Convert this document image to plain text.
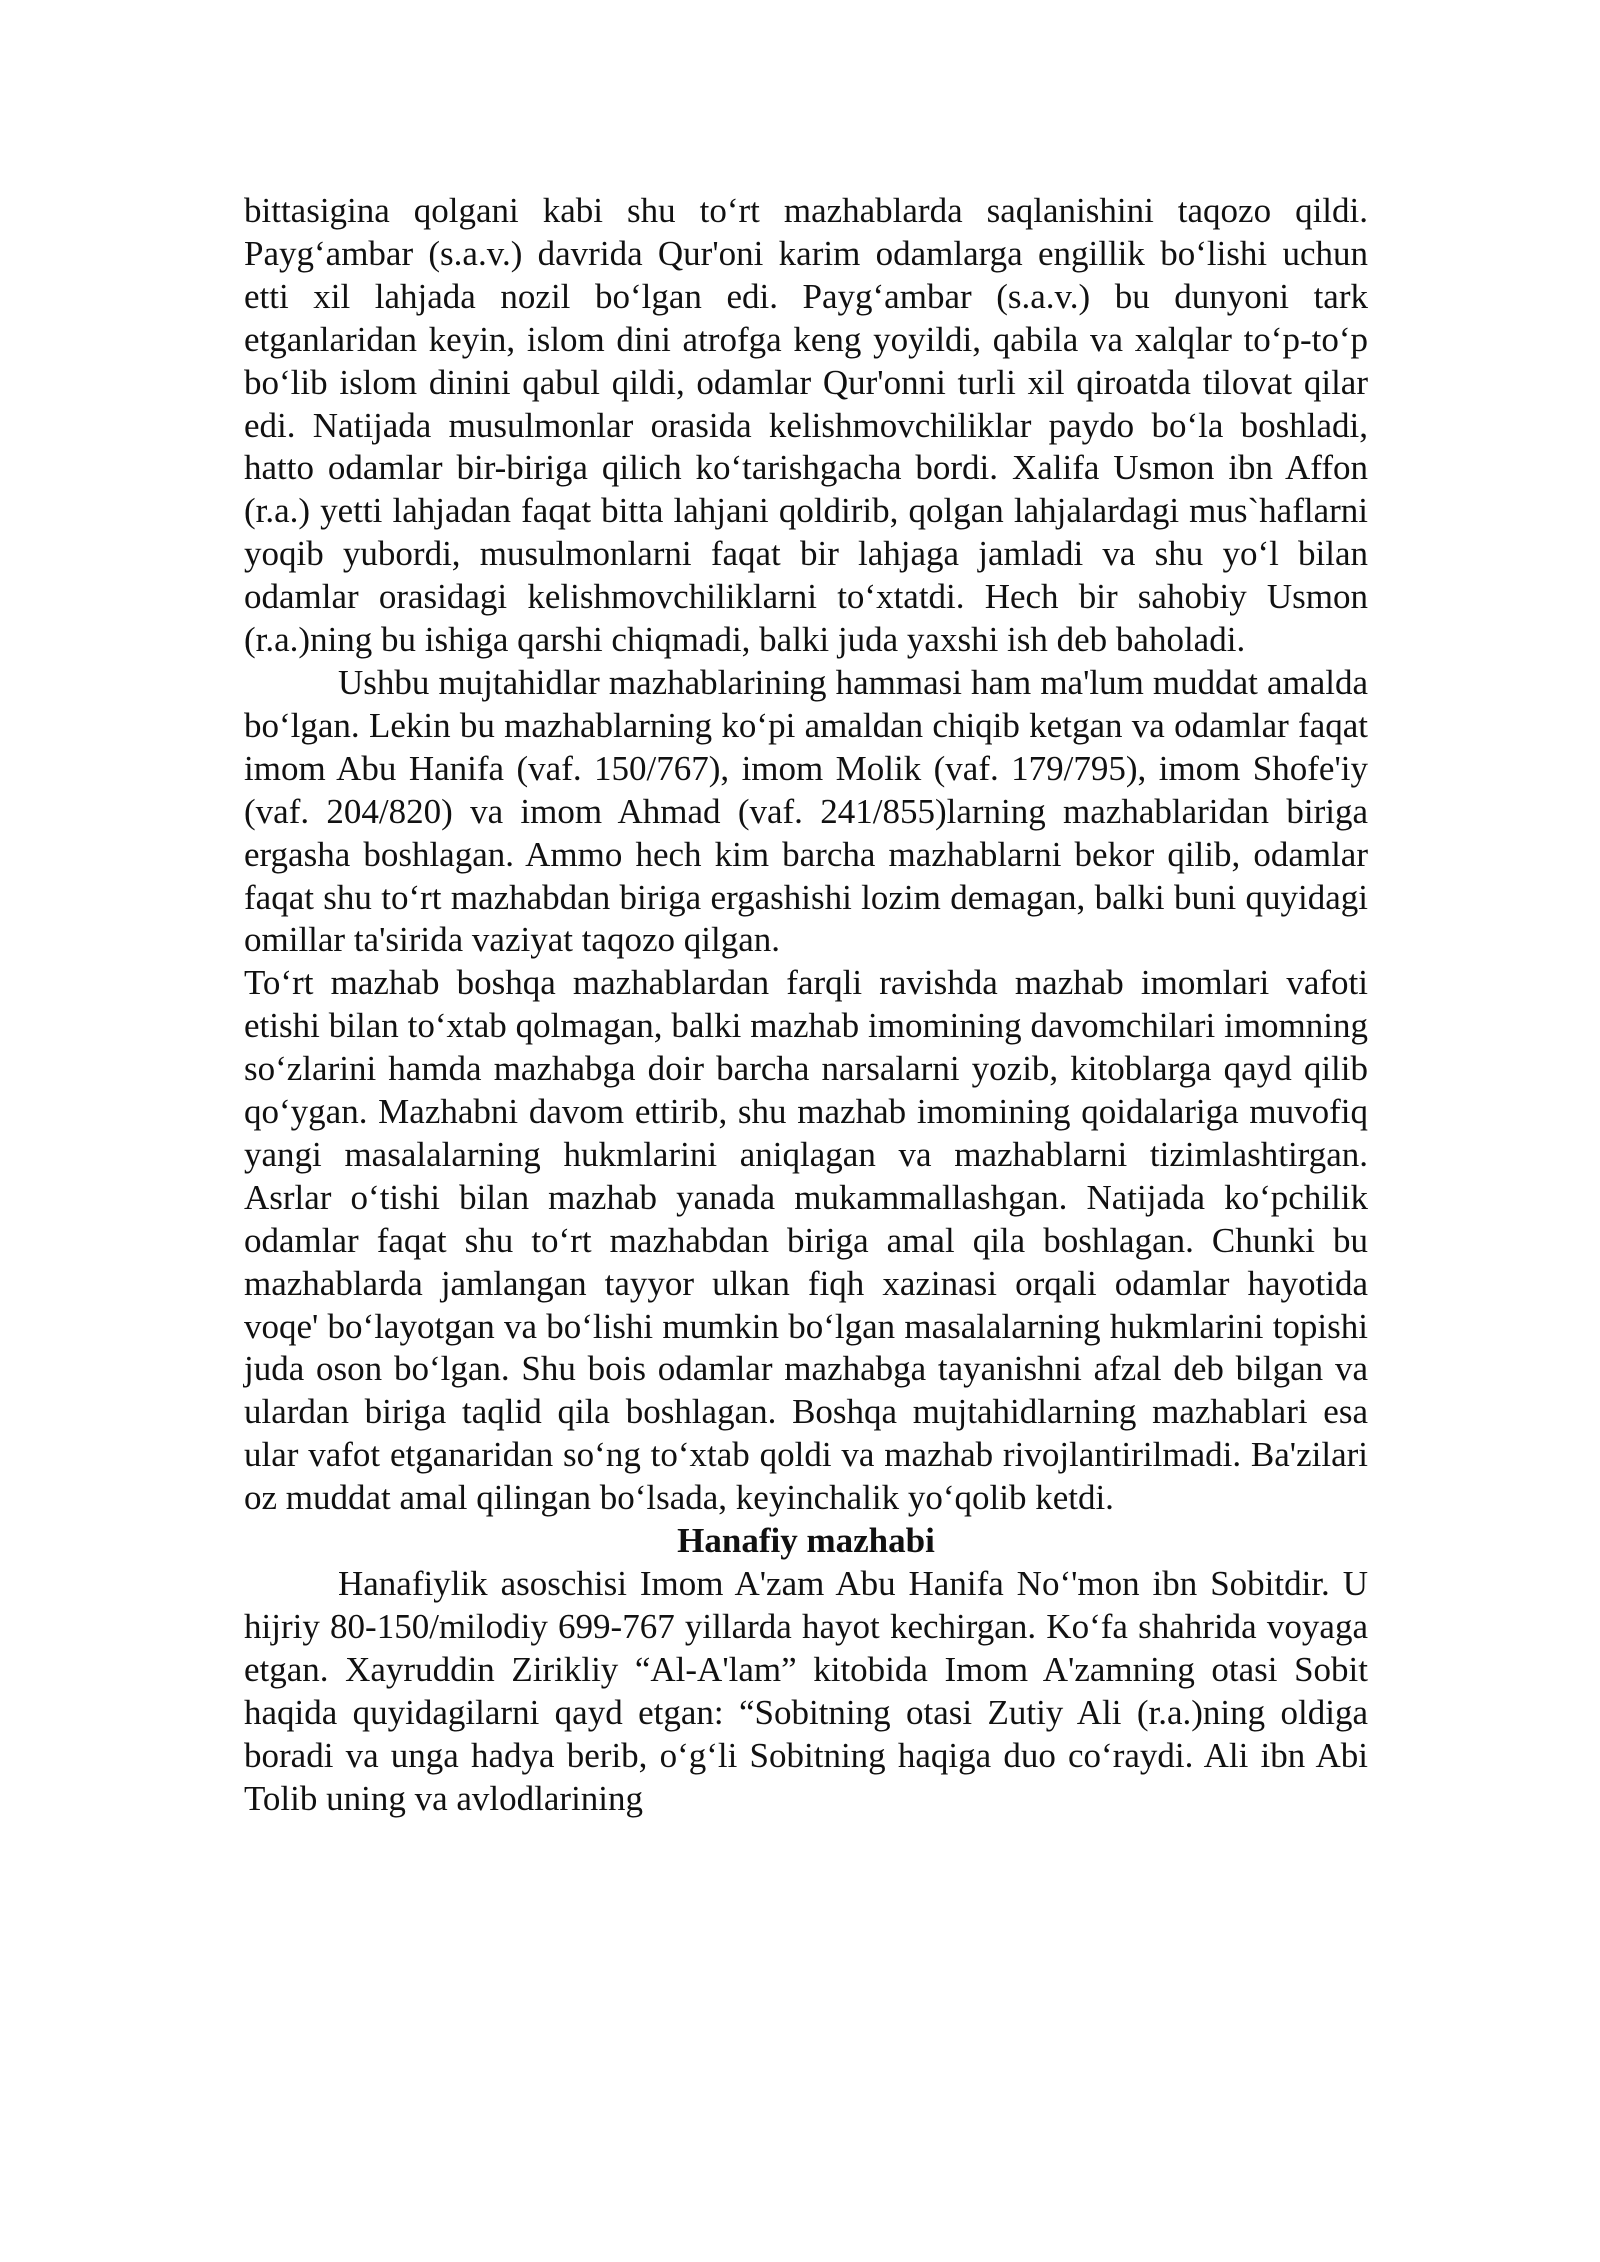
bittasigina qolgani kabi shu to‘rt mazhablarda saqlanishini taqozo qildi. Payg‘ambar (s.a.v.) davrida Qur'oni karim odamlarga engillik bo‘lishi uchun etti xil lahjada nozil bo‘lgan edi. Payg‘ambar (s.a.v.) bu dunyoni tark etganlaridan keyin, islom dini atrofga keng yoyildi, qabila va xalqlar to‘p-to‘p bo‘lib islom dinini qabul qildi, odamlar Qur'onni turli xil qiroatda tilovat qilar edi. Natijada musulmonlar orasida kelishmovchiliklar paydo bo‘la boshladi, hatto odamlar bir-biriga qilich ko‘tarishgacha bordi. Xalifa Usmon ibn Affon (r.a.) yetti lahjadan faqat bitta lahjani qoldirib, qolgan lahjalardagi mus`haflarni yoqib yubordi, musulmonlarni faqat bir lahjaga jamladi va shu yo‘l bilan odamlar orasidagi kelishmovchiliklarni to‘xtatdi. Hech bir sahobiy Usmon (r.a.)ning bu ishiga qarshi chiqmadi, balki juda yaxshi ish deb baholadi.

Ushbu mujtahidlar mazhablarining hammasi ham ma'lum muddat amalda bo‘lgan. Lekin bu mazhablarning ko‘pi amaldan chiqib ketgan va odamlar faqat imom Abu Hanifa (vaf. 150/767), imom Molik (vaf. 179/795), imom Shofe'iy (vaf. 204/820) va imom Ahmad (vaf. 241/855)larning mazhablaridan biriga ergasha boshlagan. Ammo hech kim barcha mazhablarni bekor qilib, odamlar faqat shu to‘rt mazhabdan biriga ergashishi lozim demagan, balki buni quyidagi omillar ta'sirida vaziyat taqozo qilgan.

To‘rt mazhab boshqa mazhablardan farqli ravishda mazhab imomlari vafoti etishi bilan to‘xtab qolmagan, balki mazhab imomining davomchilari imomning so‘zlarini hamda mazhabga doir barcha narsalarni yozib, kitoblarga qayd qilib qo‘ygan. Mazhabni davom ettirib, shu mazhab imomining qoidalariga muvofiq yangi masalalarning hukmlarini aniqlagan va mazhablarni tizimlashtirgan. Asrlar o‘tishi bilan mazhab yanada mukammallashgan. Natijada ko‘pchilik odamlar faqat shu to‘rt mazhabdan biriga amal qila boshlagan. Chunki bu mazhablarda jamlangan tayyor ulkan fiqh xazinasi orqali odamlar hayotida voqe' bo‘layotgan va bo‘lishi mumkin bo‘lgan masalalarning hukmlarini topishi juda oson bo‘lgan. Shu bois odamlar mazhabga tayanishni afzal deb bilgan va ulardan biriga taqlid qila boshlagan. Boshqa mujtahidlarning mazhablari esa ular vafot etganaridan so‘ng to‘xtab qoldi va mazhab rivojlantirilmadi. Ba'zilari oz muddat amal qilingan bo‘lsada, keyinchalik yo‘qolib ketdi.

Hanafiy mazhabi

Hanafiylik asoschisi Imom A'zam Abu Hanifa No‘'mon ibn Sobitdir. U hijriy 80-150/milodiy 699-767 yillarda hayot kechirgan. Ko‘fa shahrida voyaga etgan. Xayruddin Zirikliy “Al-A'lam” kitobida Imom A'zamning otasi Sobit haqida quyidagilarni qayd etgan: “Sobitning otasi Zutiy Ali (r.a.)ning oldiga boradi va unga hadya berib, o‘g‘li Sobitning haqiga duo co‘raydi. Ali ibn Abi Tolib uning va avlodlarining
